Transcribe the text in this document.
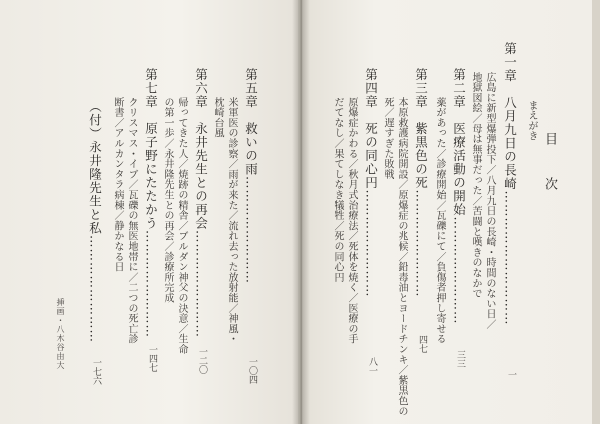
目 次
まえがき
第一章　八月九日の長崎…………………………
広島に新型爆弾投下／八月九日の長崎・時間のない日／
地獄図絵／母は無事だった／苦闘と嘆きのなかで
一
第二章　医療活動の開始……………………
薬があった／診療開始／瓦礫にて／負傷者押し寄せる
三三
第三章　紫黒色の死……………………
本原救護病院開設／原爆症の兆候／鉛毒油とヨードチンキ／紫黒色の
死／遅すぎた敗戦
四七
第四章　死の同心円……………………
原爆症かわる／秋月式治療法／死体を焼く／医療の手
だてなし／果てしなき犠牲／死の同心円
八一
第五章　救いの雨……………………
米軍医の診察／雨が来た／流れ去った放射能／神風・
枕崎台風
一〇四
第六章　永井先生との再会……………………
帰ってきた人／焼跡の精舎／ブルダン神父の決意／生命
の第一歩／永井隆先生との再会／診療所完成
一二〇
第七章　原子野にたたかう……………………
クリスマス・イブ／瓦礫の無医地帯に／二つの死亡診
断書／アルカンタラ病棟／静かなる日
一四七
（付）永井隆先生と私……………………
一七六
挿画・八木谷由大
